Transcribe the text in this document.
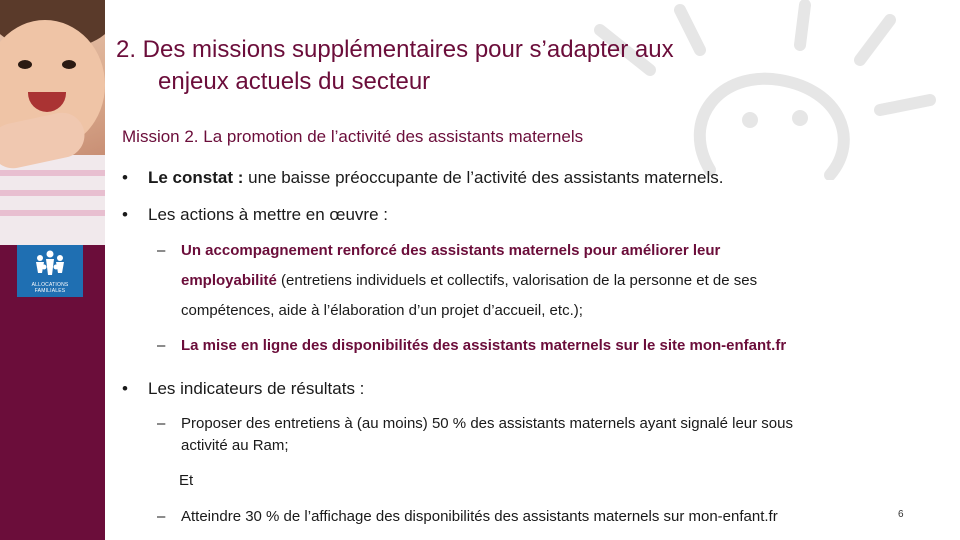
ALLOCATIONS
FAMILIALES
2. Des missions supplémentaires pour s’adapter aux
enjeux actuels du secteur
Mission 2. La promotion de l’activité des assistants maternels
• Le constat : une baisse préoccupante de l’activité des assistants maternels.
• Les actions à mettre en œuvre :
– Un accompagnement renforcé des assistants maternels pour améliorer leur
employabilité (entretiens individuels et collectifs, valorisation de la personne et de ses
compétences, aide à l’élaboration d’un projet d’accueil, etc.);
– La mise en ligne des disponibilités des assistants maternels sur le site mon-enfant.fr
• Les indicateurs de résultats :
– Proposer des entretiens à (au moins) 50 % des assistants maternels ayant signalé leur sous
activité au Ram;
Et
– Atteindre 30 % de l’affichage des disponibilités des assistants maternels sur mon-enfant.fr	6
